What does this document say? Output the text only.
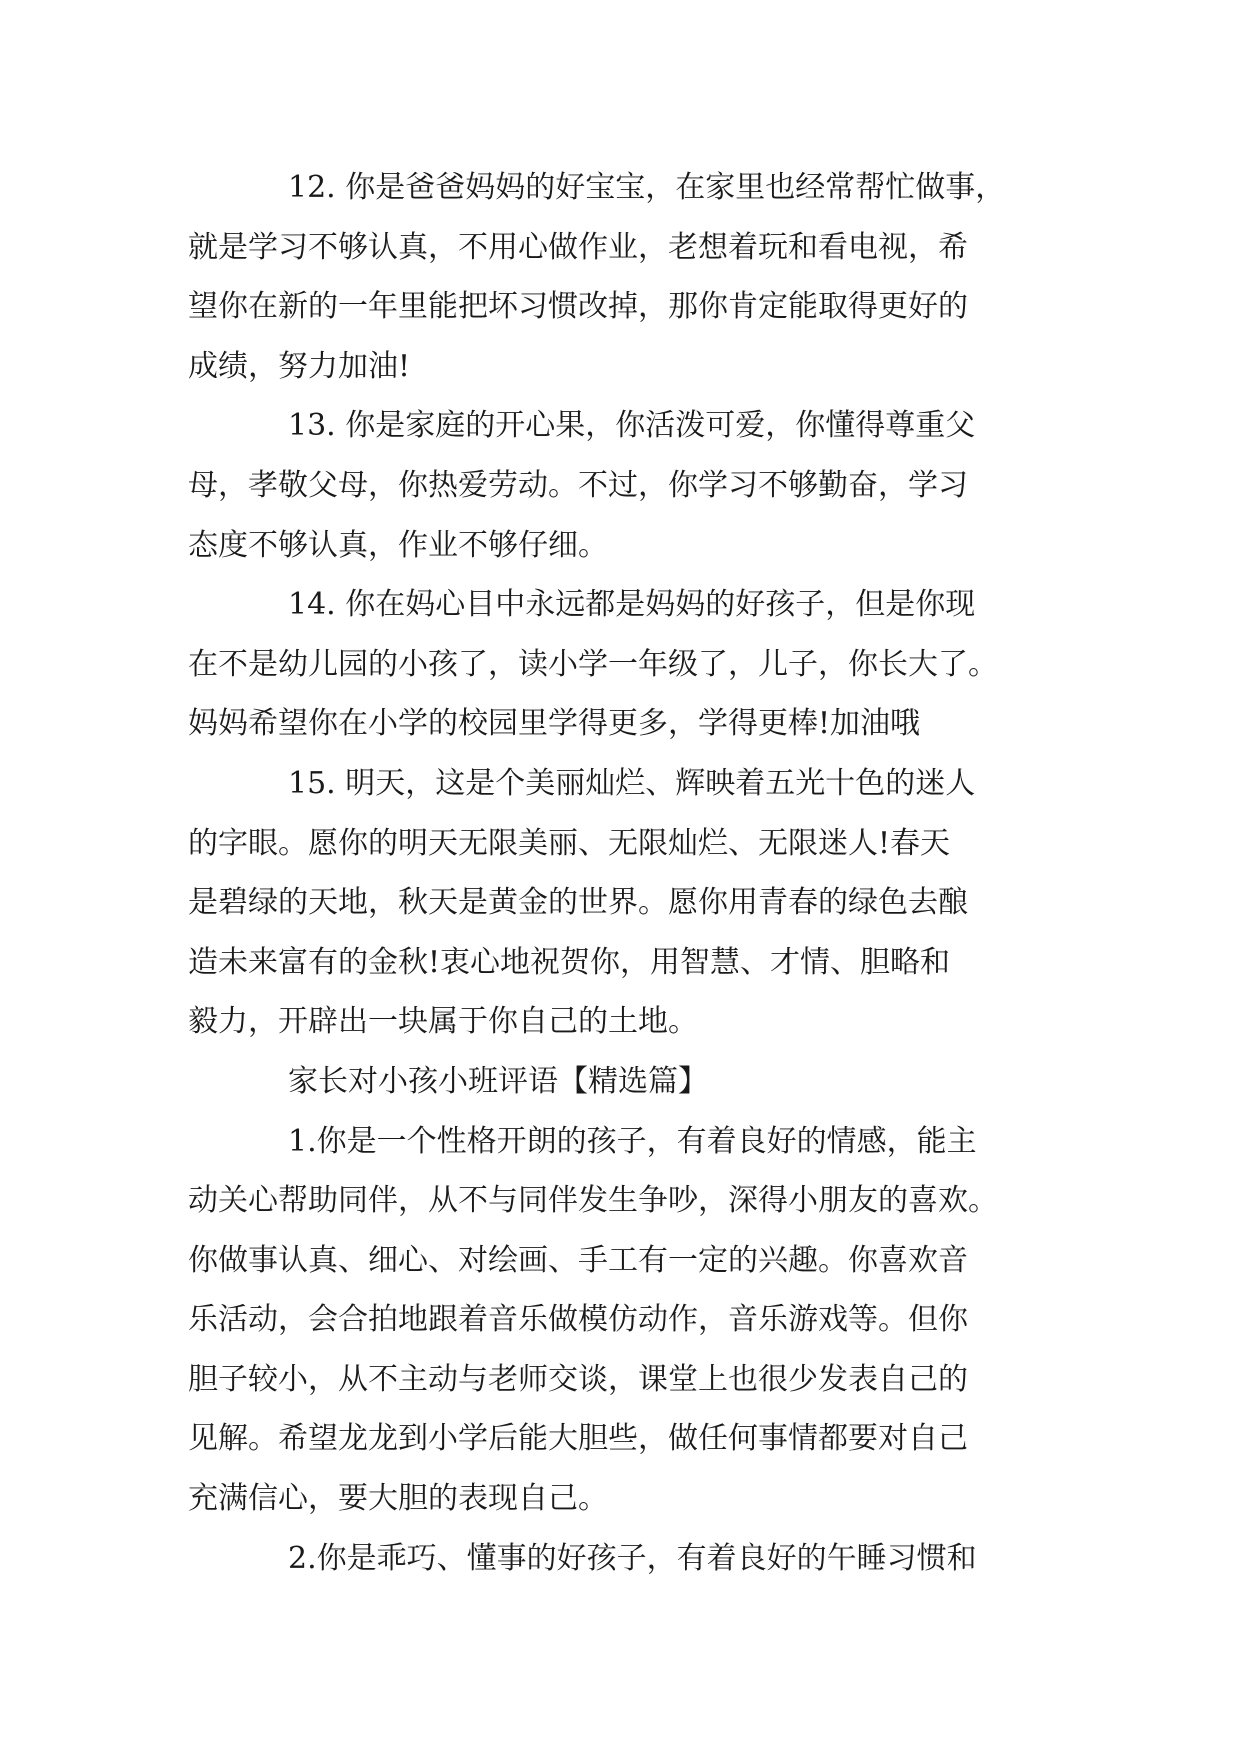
12. 你是爸爸妈妈的好宝宝，在家里也经常帮忙做事，
就是学习不够认真，不用心做作业，老想着玩和看电视，希
望你在新的一年里能把坏习惯改掉，那你肯定能取得更好的
成绩，努力加油!

13. 你是家庭的开心果，你活泼可爱，你懂得尊重父
母，孝敬父母，你热爱劳动。不过，你学习不够勤奋，学习
态度不够认真，作业不够仔细。

14. 你在妈心目中永远都是妈妈的好孩子，但是你现
在不是幼儿园的小孩了，读小学一年级了，儿子，你长大了。
妈妈希望你在小学的校园里学得更多，学得更棒!加油哦

15. 明天，这是个美丽灿烂、辉映着五光十色的迷人
的字眼。愿你的明天无限美丽、无限灿烂、无限迷人!春天
是碧绿的天地，秋天是黄金的世界。愿你用青春的绿色去酿
造未来富有的金秋!衷心地祝贺你，用智慧、才情、胆略和
毅力，开辟出一块属于你自己的土地。

家长对小孩小班评语【精选篇】

1.你是一个性格开朗的孩子，有着良好的情感，能主
动关心帮助同伴，从不与同伴发生争吵，深得小朋友的喜欢。
你做事认真、细心、对绘画、手工有一定的兴趣。你喜欢音
乐活动，会合拍地跟着音乐做模仿动作，音乐游戏等。但你
胆子较小，从不主动与老师交谈，课堂上也很少发表自己的
见解。希望龙龙到小学后能大胆些，做任何事情都要对自己
充满信心，要大胆的表现自己。

2.你是乖巧、懂事的好孩子，有着良好的午睡习惯和
